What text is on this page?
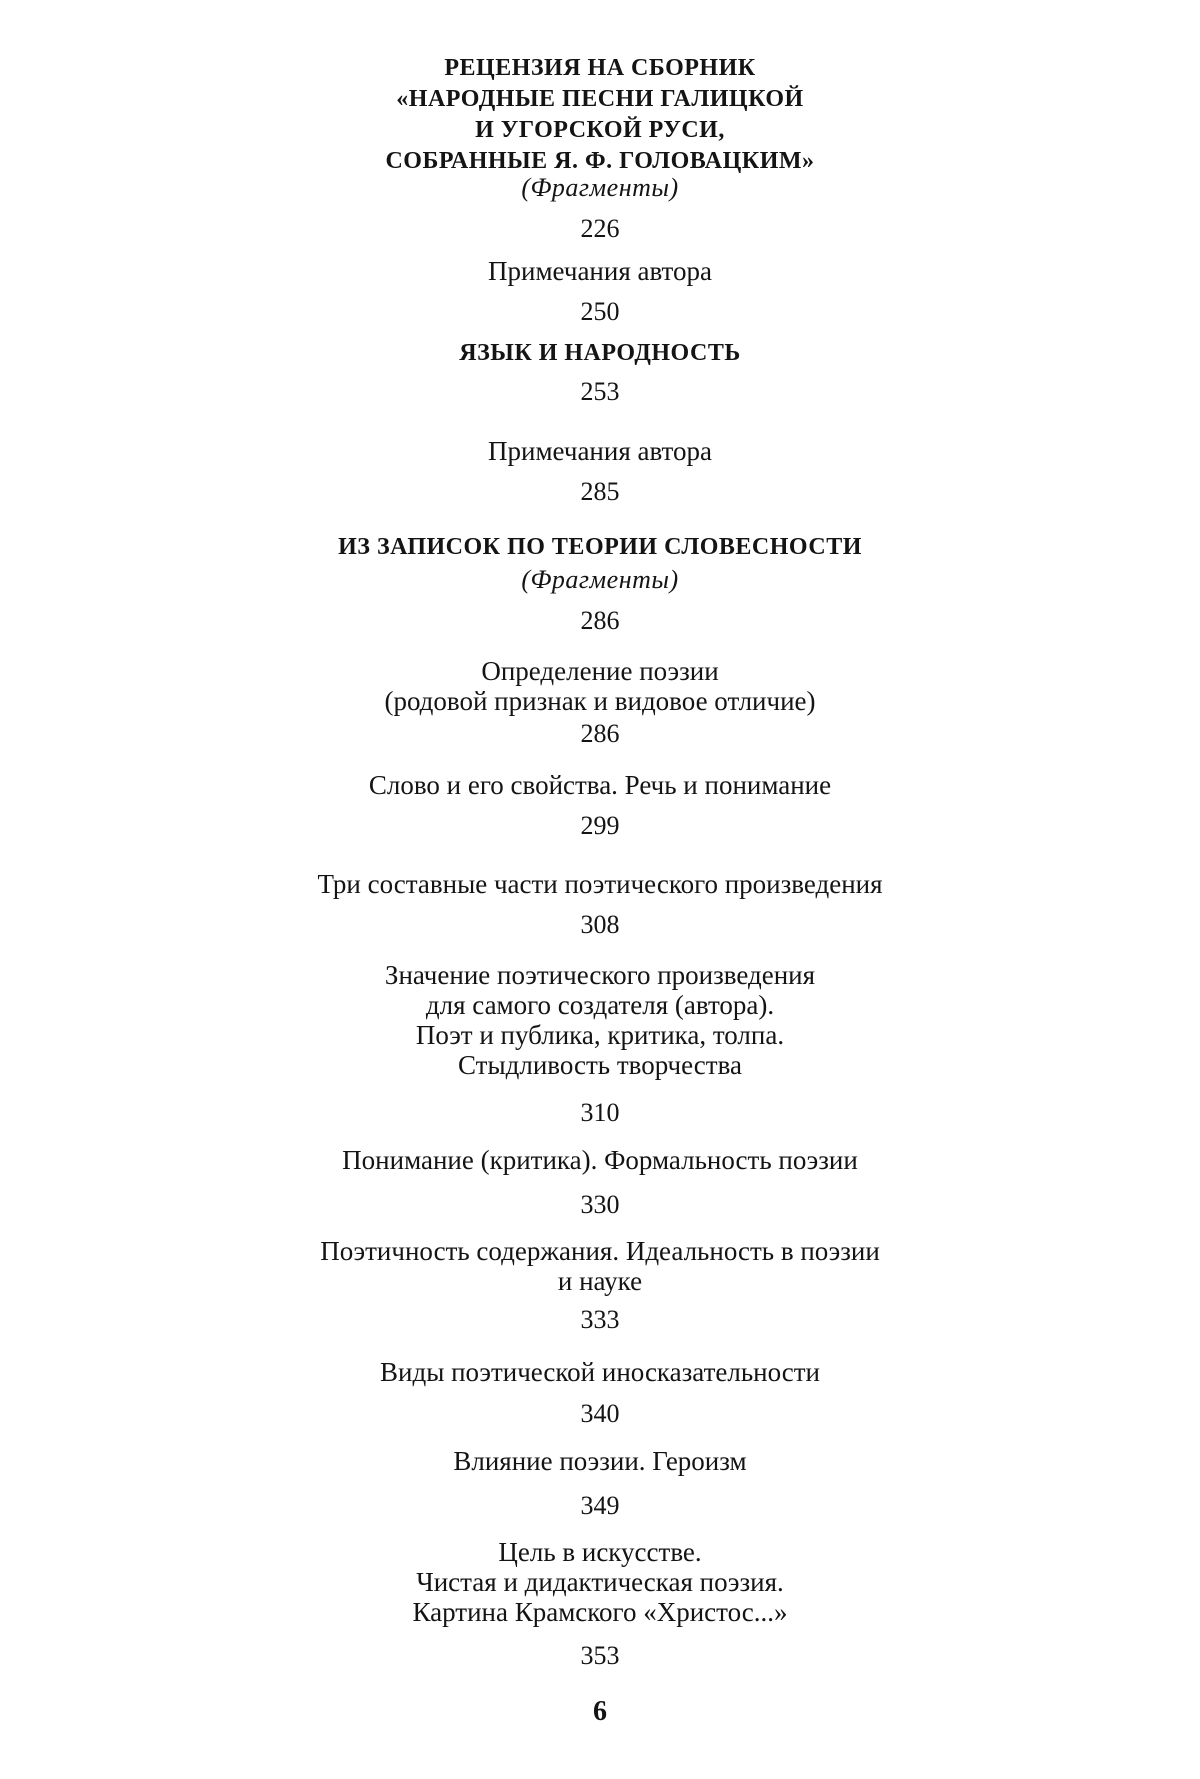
РЕЦЕНЗИЯ НА СБОРНИК
«НАРОДНЫЕ ПЕСНИ ГАЛИЦКОЙ
И УГОРСКОЙ РУСИ,
СОБРАННЫЕ Я. Ф. ГОЛОВАЦКИМ»

(Фрагменты)

226

Примечания автора

250

ЯЗЫК И НАРОДНОСТЬ

253

Примечания автора

285

ИЗ ЗАПИСОК ПО ТЕОРИИ СЛОВЕСНОСТИ

(Фрагменты)

286

Определение поэзии
(родовой признак и видовое отличие)

286

Слово и его свойства. Речь и понимание

299

Три составные части поэтического произведения

308

Значение поэтического произведения
для самого создателя (автора).
Поэт и публика, критика, толпа.
Стыдливость творчества

310

Понимание (критика). Формальность поэзии

330

Поэтичность содержания. Идеальность в поэзии
и науке

333

Виды поэтической иносказательности

340

Влияние поэзии. Героизм

349

Цель в искусстве.
Чистая и дидактическая поэзия.
Картина Крамского «Христос...»

353

6
